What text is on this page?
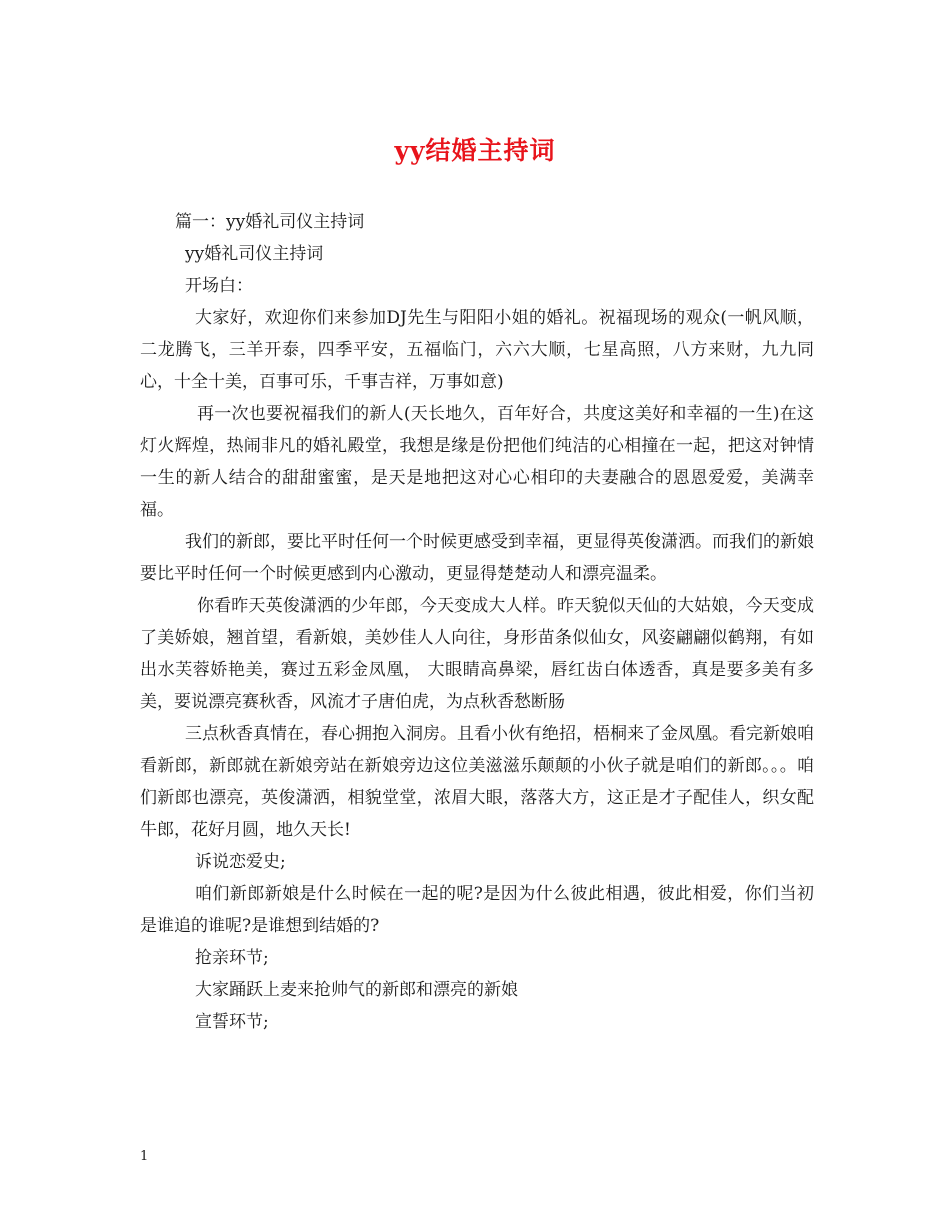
yy结婚主持词

篇一：yy婚礼司仪主持词

yy婚礼司仪主持词

开场白：

大家好，欢迎你们来参加DJ先生与阳阳小姐的婚礼。祝福现场的观众(一帆风顺，二龙腾飞，三羊开泰，四季平安，五福临门，六六大顺，七星高照，八方来财，九九同心，十全十美，百事可乐，千事吉祥，万事如意)

再一次也要祝福我们的新人(天长地久，百年好合，共度这美好和幸福的一生)在这灯火辉煌，热闹非凡的婚礼殿堂，我想是缘是份把他们纯洁的心相撞在一起，把这对钟情一生的新人结合的甜甜蜜蜜，是天是地把这对心心相印的夫妻融合的恩恩爱爱，美满幸福。

我们的新郎，要比平时任何一个时候更感受到幸福，更显得英俊潇洒。而我们的新娘要比平时任何一个时候更感到内心激动，更显得楚楚动人和漂亮温柔。

你看昨天英俊潇洒的少年郎，今天变成大人样。昨天貌似天仙的大姑娘，今天变成了美娇娘，翘首望，看新娘，美妙佳人人向往，身形苗条似仙女，风姿翩翩似鹤翔，有如出水芙蓉娇艳美，赛过五彩金凤凰， 大眼睛高鼻梁，唇红齿白体透香，真是要多美有多美，要说漂亮赛秋香，风流才子唐伯虎，为点秋香愁断肠

三点秋香真情在，春心拥抱入洞房。且看小伙有绝招，梧桐来了金凤凰。看完新娘咱看新郎，新郎就在新娘旁站在新娘旁边这位美滋滋乐颠颠的小伙子就是咱们的新郎。。。咱们新郎也漂亮，英俊潇洒，相貌堂堂，浓眉大眼，落落大方，这正是才子配佳人，织女配牛郎，花好月圆，地久天长!

诉说恋爱史;

咱们新郎新娘是什么时候在一起的呢?是因为什么彼此相遇，彼此相爱，你们当初是谁追的谁呢?是谁想到结婚的?

抢亲环节;

大家踊跃上麦来抢帅气的新郎和漂亮的新娘

宣誓环节;

1
